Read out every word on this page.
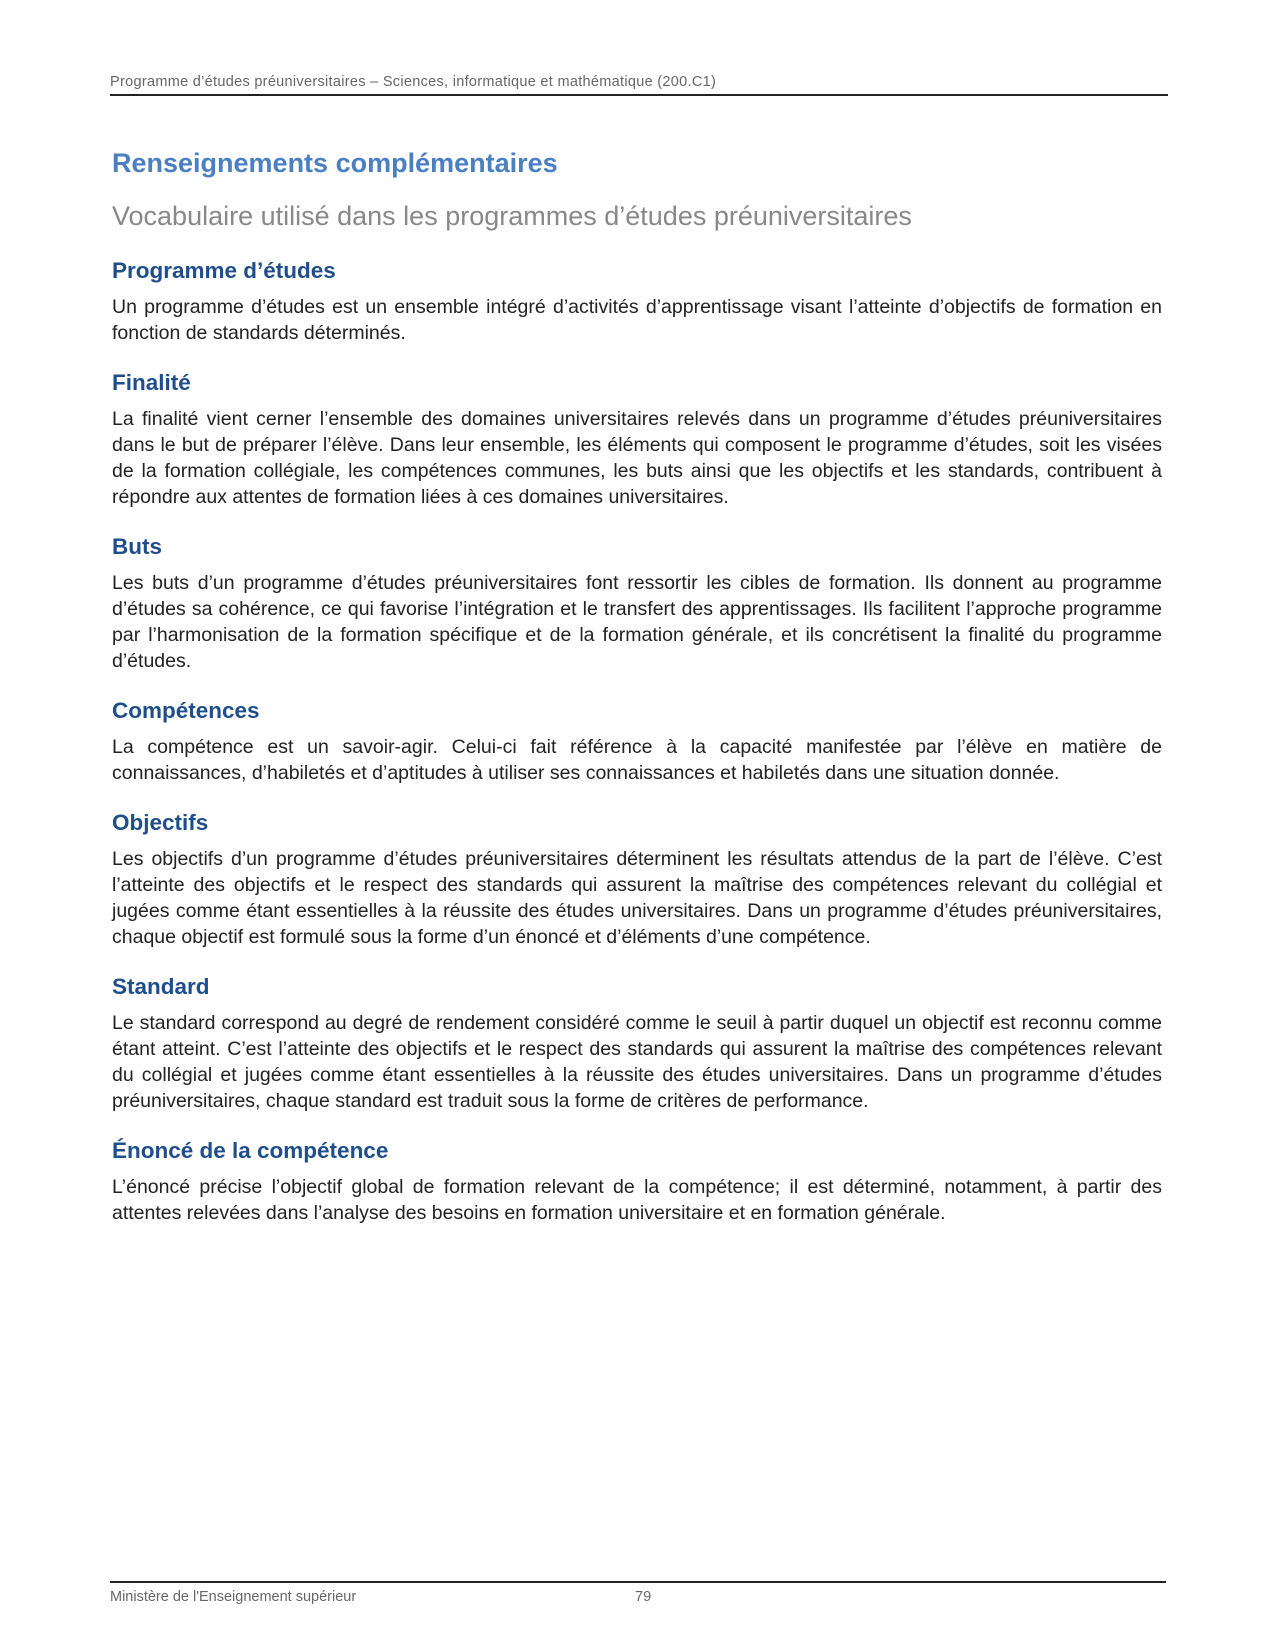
Programme d’études préuniversitaires – Sciences, informatique et mathématique (200.C1)
Renseignements complémentaires
Vocabulaire utilisé dans les programmes d’études préuniversitaires
Programme d’études

Un programme d’études est un ensemble intégré d’activités d’apprentissage visant l’atteinte d’objectifs de formation en fonction de standards déterminés.

Finalité

La finalité vient cerner l’ensemble des domaines universitaires relevés dans un programme d’études préuniversitaires dans le but de préparer l’élève. Dans leur ensemble, les éléments qui composent le programme d’études, soit les visées de la formation collégiale, les compétences communes, les buts ainsi que les objectifs et les standards, contribuent à répondre aux attentes de formation liées à ces domaines universitaires.

Buts

Les buts d’un programme d’études préuniversitaires font ressortir les cibles de formation. Ils donnent au programme d’études sa cohérence, ce qui favorise l’intégration et le transfert des apprentissages. Ils facilitent l’approche programme par l’harmonisation de la formation spécifique et de la formation générale, et ils concrétisent la finalité du programme d’études.

Compétences

La compétence est un savoir-agir. Celui-ci fait référence à la capacité manifestée par l’élève en matière de connaissances, d’habiletés et d’aptitudes à utiliser ses connaissances et habiletés dans une situation donnée.

Objectifs

Les objectifs d’un programme d’études préuniversitaires déterminent les résultats attendus de la part de l’élève. C’est l’atteinte des objectifs et le respect des standards qui assurent la maîtrise des compétences relevant du collégial et jugées comme étant essentielles à la réussite des études universitaires. Dans un programme d’études préuniversitaires, chaque objectif est formulé sous la forme d’un énoncé et d’éléments d’une compétence.

Standard

Le standard correspond au degré de rendement considéré comme le seuil à partir duquel un objectif est reconnu comme étant atteint. C’est l’atteinte des objectifs et le respect des standards qui assurent la maîtrise des compétences relevant du collégial et jugées comme étant essentielles à la réussite des études universitaires. Dans un programme d’études préuniversitaires, chaque standard est traduit sous la forme de critères de performance.

Énoncé de la compétence

L’énoncé précise l’objectif global de formation relevant de la compétence; il est déterminé, notamment, à partir des attentes relevées dans l’analyse des besoins en formation universitaire et en formation générale.

Ministère de l'Enseignement supérieur	79
